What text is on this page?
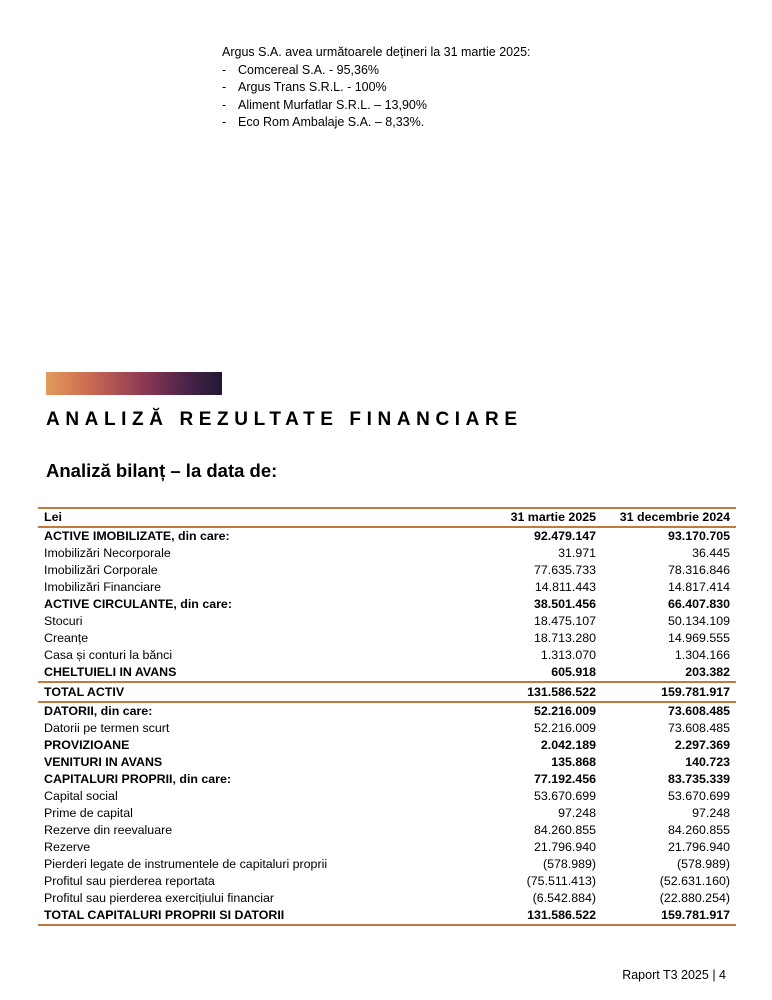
Argus S.A. avea următoarele dețineri la 31 martie 2025:
- Comcereal S.A. - 95,36%
- Argus Trans S.R.L. - 100%
- Aliment Murfatlar S.R.L. – 13,90%
- Eco Rom Ambalaje S.A. – 8,33%.
ANALIZĂ REZULTATE FINANCIARE
Analiză bilanț – la data de:
Lei	31 martie 2025	31 decembrie 2024
ACTIVE IMOBILIZATE, din care:	92.479.147	93.170.705
Imobilizări Necorporale	31.971	36.445
Imobilizări Corporale	77.635.733	78.316.846
Imobilizări Financiare	14.811.443	14.817.414
ACTIVE CIRCULANTE, din care:	38.501.456	66.407.830
Stocuri	18.475.107	50.134.109
Creanțe	18.713.280	14.969.555
Casa și conturi la bănci	1.313.070	1.304.166
CHELTUIELI IN AVANS	605.918	203.382
TOTAL ACTIV	131.586.522	159.781.917
DATORII, din care:	52.216.009	73.608.485
Datorii pe termen scurt	52.216.009	73.608.485
PROVIZIOANE	2.042.189	2.297.369
VENITURI IN AVANS	135.868	140.723
CAPITALURI PROPRII, din care:	77.192.456	83.735.339
Capital social	53.670.699	53.670.699
Prime de capital	97.248	97.248
Rezerve din reevaluare	84.260.855	84.260.855
Rezerve	21.796.940	21.796.940
Pierderi legate de instrumentele de capitaluri proprii	(578.989)	(578.989)
Profitul sau pierderea reportata	(75.511.413)	(52.631.160)
Profitul sau pierderea exercițiului financiar	(6.542.884)	(22.880.254)
TOTAL CAPITALURI PROPRII SI DATORII	131.586.522	159.781.917
Raport T3 2025 | 4
